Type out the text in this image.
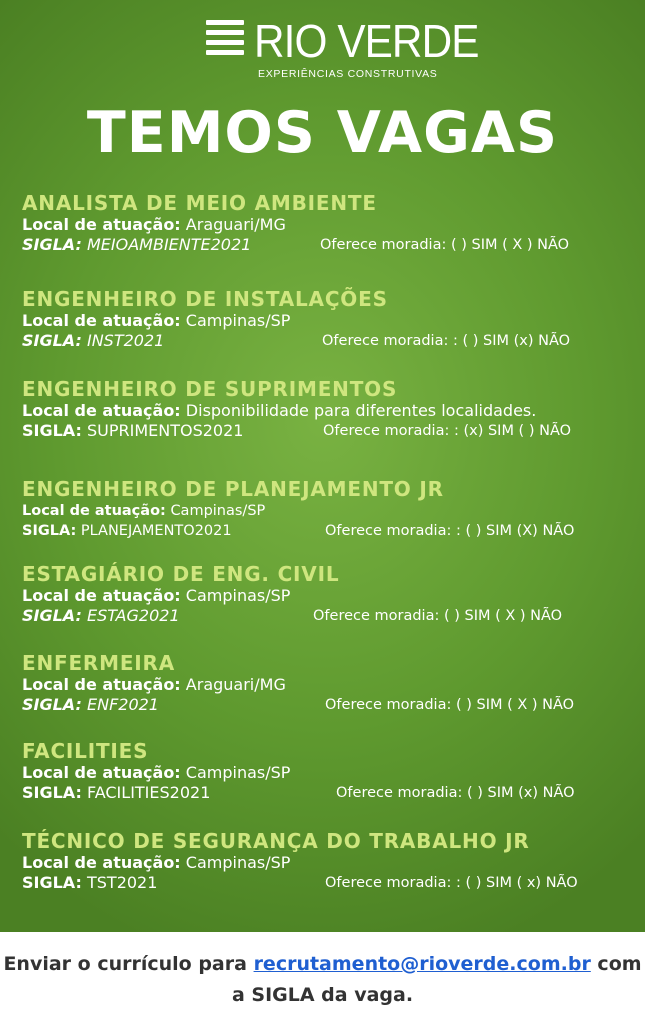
RIO VERDE
EXPERIÊNCIAS CONSTRUTIVAS
TEMOS VAGAS
ANALISTA DE MEIO AMBIENTE
Local de atuação: Araguari/MG
SIGLA: MEIOAMBIENTE2021	Oferece moradia: ( ) SIM ( X ) NÃO
ENGENHEIRO DE INSTALAÇÕES
Local de atuação: Campinas/SP
SIGLA: INST2021	Oferece moradia: : ( ) SIM (x) NÃO
ENGENHEIRO DE SUPRIMENTOS
Local de atuação: Disponibilidade para diferentes localidades.
SIGLA: SUPRIMENTOS2021	Oferece moradia: : (x) SIM ( ) NÃO
ENGENHEIRO DE PLANEJAMENTO JR
Local de atuação: Campinas/SP
SIGLA: PLANEJAMENTO2021	Oferece moradia: : ( ) SIM (X) NÃO
ESTAGIÁRIO DE ENG. CIVIL
Local de atuação: Campinas/SP
SIGLA: ESTAG2021	Oferece moradia: ( ) SIM ( X ) NÃO
ENFERMEIRA
Local de atuação: Araguari/MG
SIGLA: ENF2021	Oferece moradia: ( ) SIM ( X ) NÃO
FACILITIES
Local de atuação: Campinas/SP
SIGLA: FACILITIES2021	Oferece moradia: ( ) SIM (x) NÃO
TÉCNICO DE SEGURANÇA DO TRABALHO JR
Local de atuação: Campinas/SP
SIGLA: TST2021	Oferece moradia: : ( ) SIM ( x) NÃO
Enviar o currículo para recrutamento@rioverde.com.br com
a SIGLA da vaga.
